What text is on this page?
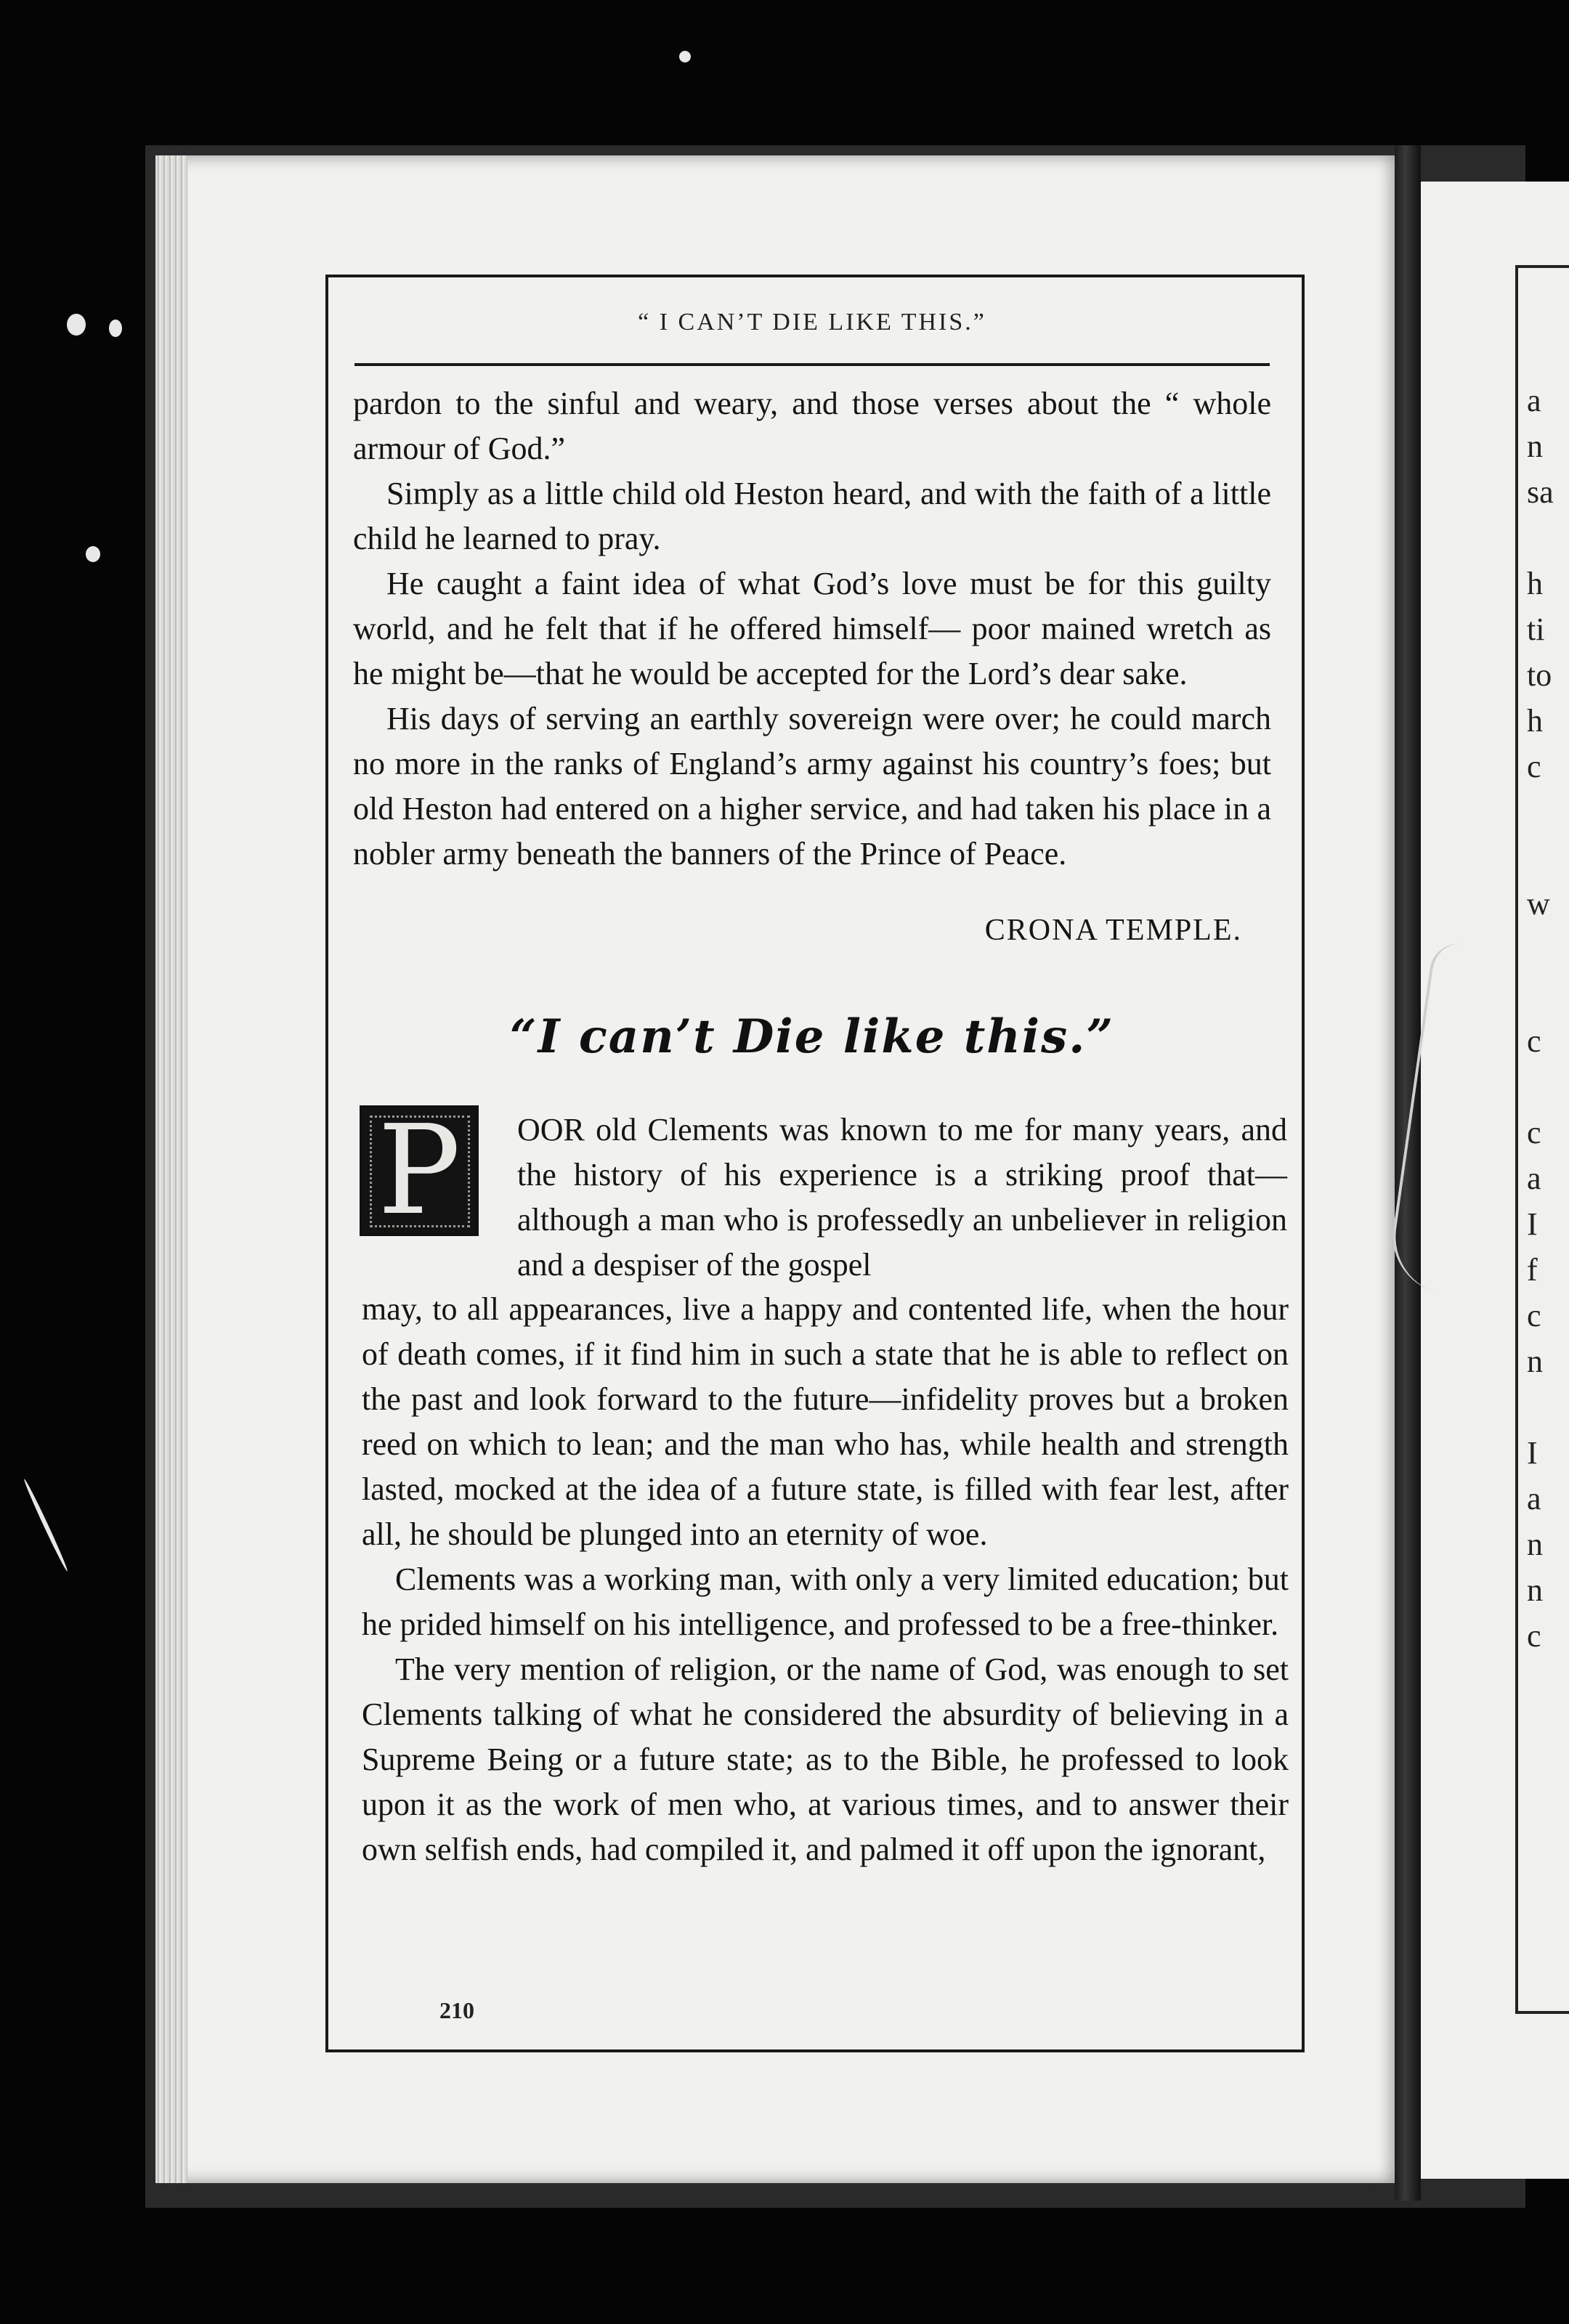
a
n
sa

h
ti
to
h
c

w

c

c
a
I
f
c
n

I
a
n
n
c
“ I CAN’T DIE LIKE THIS.”

pardon to the sinful and weary, and those verses about the “ whole armour of God.”

Simply as a little child old Heston heard, and with the faith of a little child he learned to pray.

He caught a faint idea of what God’s love must be for this guilty world, and he felt that if he offered himself— poor mained wretch as he might be—that he would be accepted for the Lord’s dear sake.

His days of serving an earthly sovereign were over; he could march no more in the ranks of England’s army against his country’s foes; but old Heston had entered on a higher service, and had taken his place in a nobler army beneath the banners of the Prince of Peace.

CRONA TEMPLE.
“I can’t Die like this.”
P	OOR old Clements was known to me for many years, and the history of his experience is a striking proof that—although a man who is professedly an unbeliever in religion and a despiser of the gospel

may, to all appearances, live a happy and contented life, when the hour of death comes, if it find him in such a state that he is able to reflect on the past and look forward to the future—infidelity proves but a broken reed on which to lean; and the man who has, while health and strength lasted, mocked at the idea of a future state, is filled with fear lest, after all, he should be plunged into an eternity of woe.

Clements was a working man, with only a very limited education; but he prided himself on his intelligence, and professed to be a free-thinker.

The very mention of religion, or the name of God, was enough to set Clements talking of what he considered the absurdity of believing in a Supreme Being or a future state; as to the Bible, he professed to look upon it as the work of men who, at various times, and to answer their own selfish ends, had compiled it, and palmed it off upon the ignorant,

210
